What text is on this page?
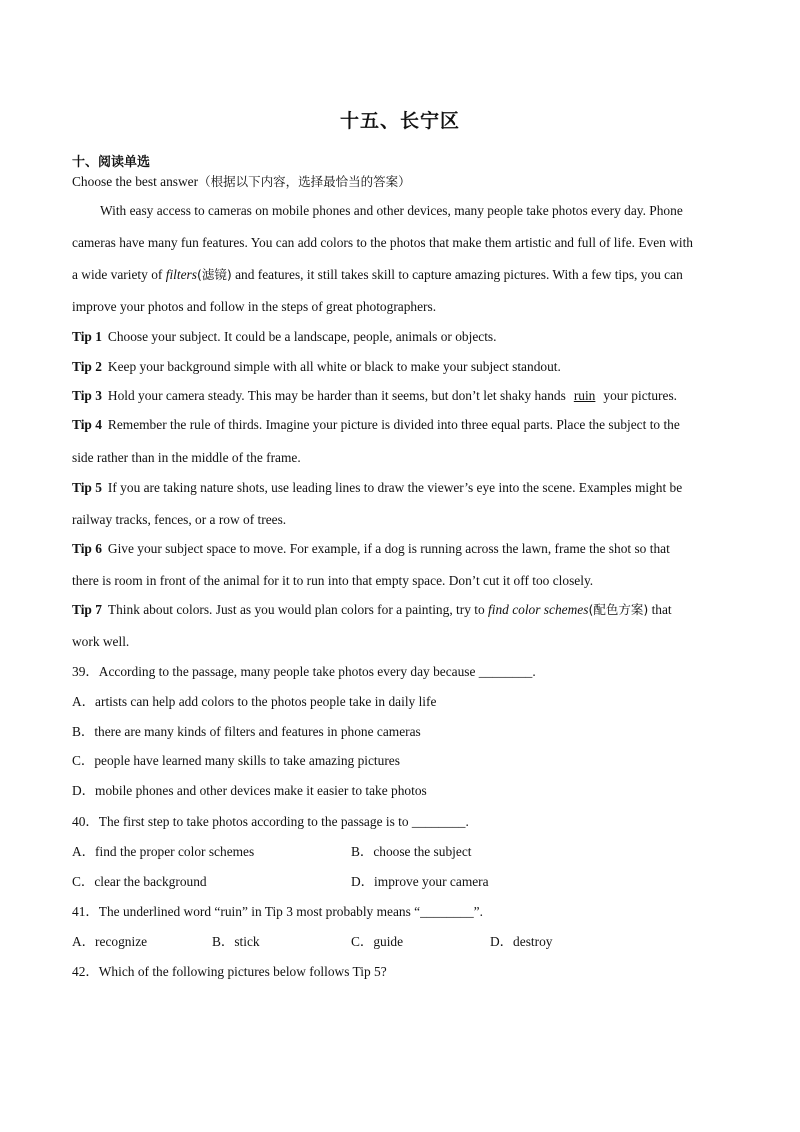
十五、长宁区
十、阅读单选
Choose the best answer（根据以下内容，选择最恰当的答案）
With easy access to cameras on mobile phones and other devices, many people take photos every day. Phone
cameras have many fun features. You can add colors to the photos that make them artistic and full of life. Even with
a wide variety of filters(滤镜) and features, it still takes skill to capture amazing pictures. With a few tips, you can
improve your photos and follow in the steps of great photographers.
Tip 1 Choose your subject. It could be a landscape, people, animals or objects.
Tip 2 Keep your background simple with all white or black to make your subject standout.
Tip 3 Hold your camera steady. This may be harder than it seems, but don’t let shaky hands ruin your pictures.
Tip 4 Remember the rule of thirds. Imagine your picture is divided into three equal parts. Place the subject to the
side rather than in the middle of the frame.
Tip 5 If you are taking nature shots, use leading lines to draw the viewer’s eye into the scene. Examples might be
railway tracks, fences, or a row of trees.
Tip 6 Give your subject space to move. For example, if a dog is running across the lawn, frame the shot so that
there is room in front of the animal for it to run into that empty space. Don’t cut it off too closely.
Tip 7 Think about colors. Just as you would plan colors for a painting, try to find color schemes(配色方案) that
work well.
39．According to the passage, many people take photos every day because ________.
A．artists can help add colors to the photos people take in daily life
B．there are many kinds of filters and features in phone cameras
C．people have learned many skills to take amazing pictures
D．mobile phones and other devices make it easier to take photos
40．The first step to take photos according to the passage is to ________.
A．find the proper color schemes	B．choose the subject
C．clear the background	D．improve your camera
41．The underlined word “ruin” in Tip 3 most probably means “________”.
A．recognize	B．stick	C．guide	D．destroy
42．Which of the following pictures below follows Tip 5?
